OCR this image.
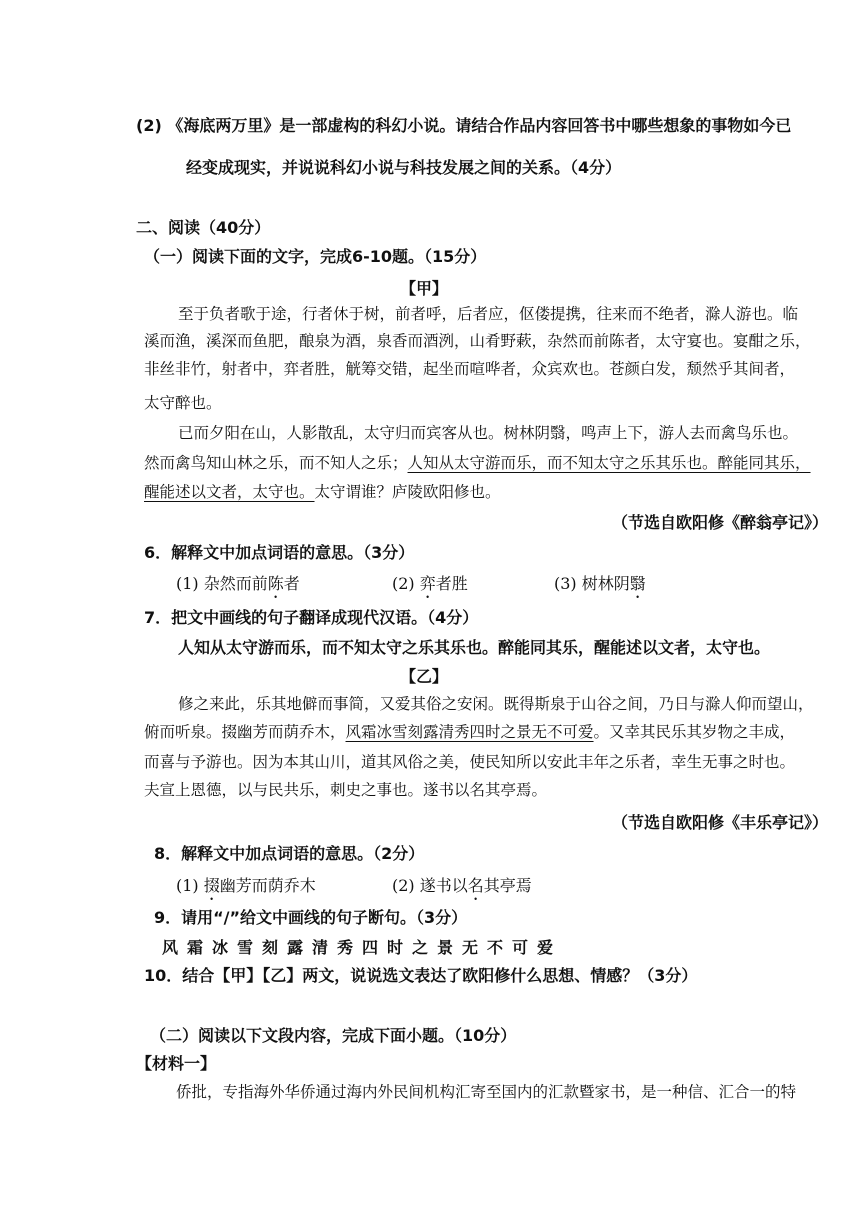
(2) 《海底两万里》是一部虚构的科幻小说。请结合作品内容回答书中哪些想象的事物如今已
经变成现实，并说说科幻小说与科技发展之间的关系。（4分）
二、阅读（40分）
（一）阅读下面的文字，完成6-10题。（15分）
【甲】
至于负者歌于途，行者休于树，前者呼，后者应，伛偻提携，往来而不绝者，滁人游也。临
溪而渔，溪深而鱼肥，酿泉为酒，泉香而酒洌，山肴野蔌，杂然而前陈者，太守宴也。宴酣之乐，
非丝非竹，射者中，弈者胜，觥筹交错，起坐而喧哗者，众宾欢也。苍颜白发，颓然乎其间者，
太守醉也。
已而夕阳在山，人影散乱，太守归而宾客从也。树林阴翳，鸣声上下，游人去而禽鸟乐也。
然而禽鸟知山林之乐，而不知人之乐；人知从太守游而乐，而不知太守之乐其乐也。醉能同其乐，
醒能述以文者，太守也。太守谓谁？庐陵欧阳修也。
（节选自欧阳修《醉翁亭记》）
6．解释文中加点词语的意思。（3分）
(1) 杂然而前陈者	(2) 弈者胜	(3) 树林阴翳
7．把文中画线的句子翻译成现代汉语。（4分）
人知从太守游而乐，而不知太守之乐其乐也。醉能同其乐，醒能述以文者，太守也。
【乙】
修之来此，乐其地僻而事简，又爱其俗之安闲。既得斯泉于山谷之间，乃日与滁人仰而望山，
俯而听泉。掇幽芳而荫乔木，风霜冰雪刻露清秀四时之景无不可爱。又幸其民乐其岁物之丰成，
而喜与予游也。因为本其山川，道其风俗之美，使民知所以安此丰年之乐者，幸生无事之时也。
夫宣上恩德，以与民共乐，刺史之事也。遂书以名其亭焉。
（节选自欧阳修《丰乐亭记》）
8．解释文中加点词语的意思。（2分）
(1) 掇幽芳而荫乔木	(2) 遂书以名其亭焉
9．请用“/”给文中画线的句子断句。（3分）
风霜冰雪刻露清秀四时之景无不可爱
10．结合【甲】【乙】两文，说说选文表达了欧阳修什么思想、情感？（3分）
（二）阅读以下文段内容，完成下面小题。（10分）
【材料一】
侨批，专指海外华侨通过海内外民间机构汇寄至国内的汇款暨家书，是一种信、汇合一的特
